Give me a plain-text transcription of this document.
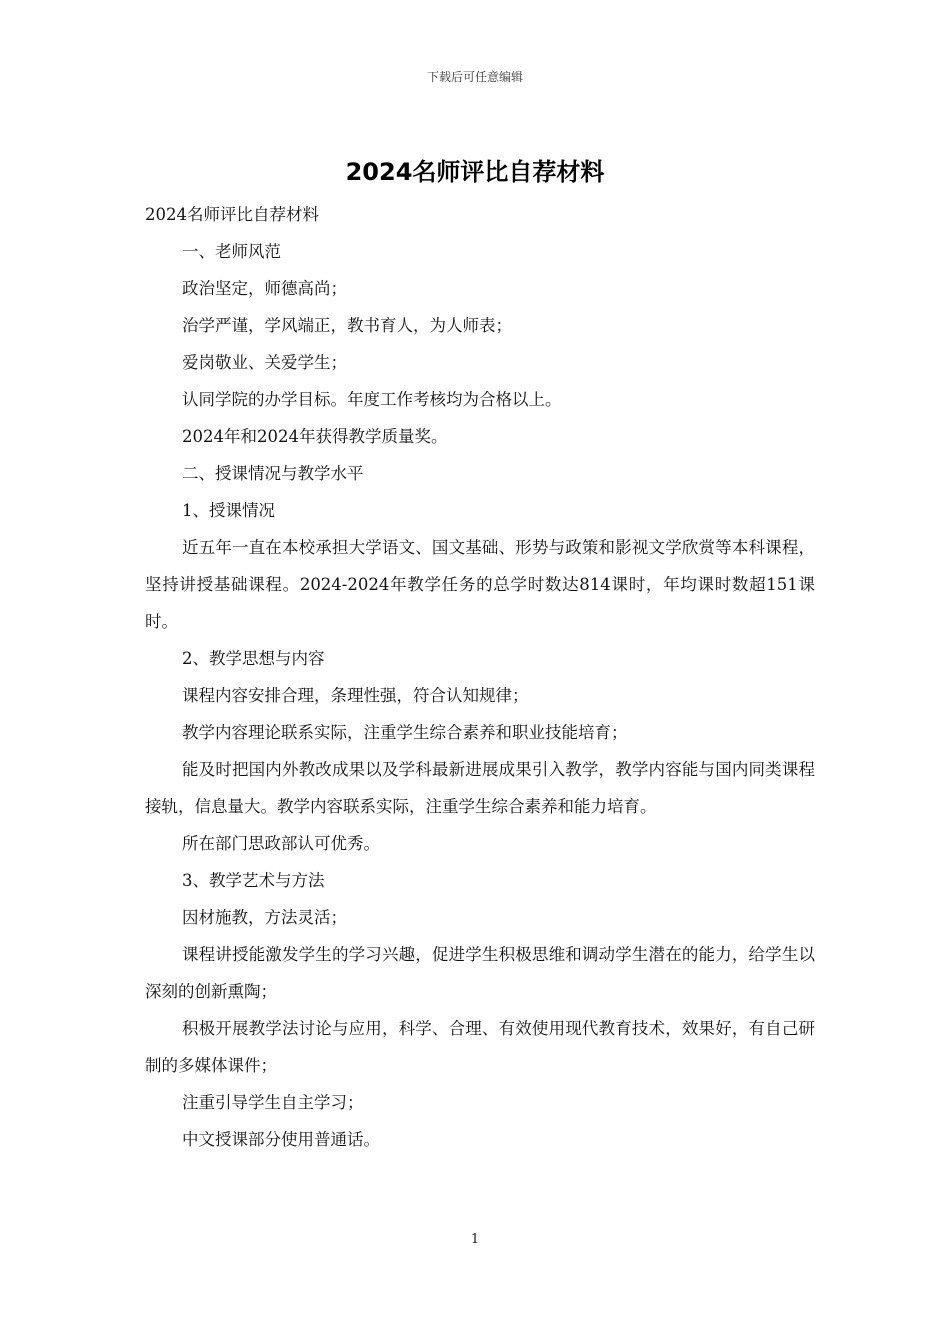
下载后可任意编辑
2024名师评比自荐材料

2024名师评比自荐材料

一、老师风范

政治坚定，师德高尚；

治学严谨，学风端正，教书育人，为人师表；

爱岗敬业、关爱学生；

认同学院的办学目标。年度工作考核均为合格以上。

2024年和2024年获得教学质量奖。

二、授课情况与教学水平

1、授课情况

近五年一直在本校承担大学语文、国文基础、形势与政策和影视文学欣赏等本科课程，坚持讲授基础课程。2024-2024年教学任务的总学时数达814课时，年均课时数超151课时。

2、教学思想与内容

课程内容安排合理，条理性强，符合认知规律；

教学内容理论联系实际，注重学生综合素养和职业技能培育；

能及时把国内外教改成果以及学科最新进展成果引入教学，教学内容能与国内同类课程接轨，信息量大。教学内容联系实际，注重学生综合素养和能力培育。

所在部门思政部认可优秀。

3、教学艺术与方法

因材施教，方法灵活；

课程讲授能激发学生的学习兴趣，促进学生积极思维和调动学生潜在的能力，给学生以深刻的创新熏陶；

积极开展教学法讨论与应用，科学、合理、有效使用现代教育技术，效果好，有自己研制的多媒体课件；

注重引导学生自主学习；

中文授课部分使用普通话。

1
